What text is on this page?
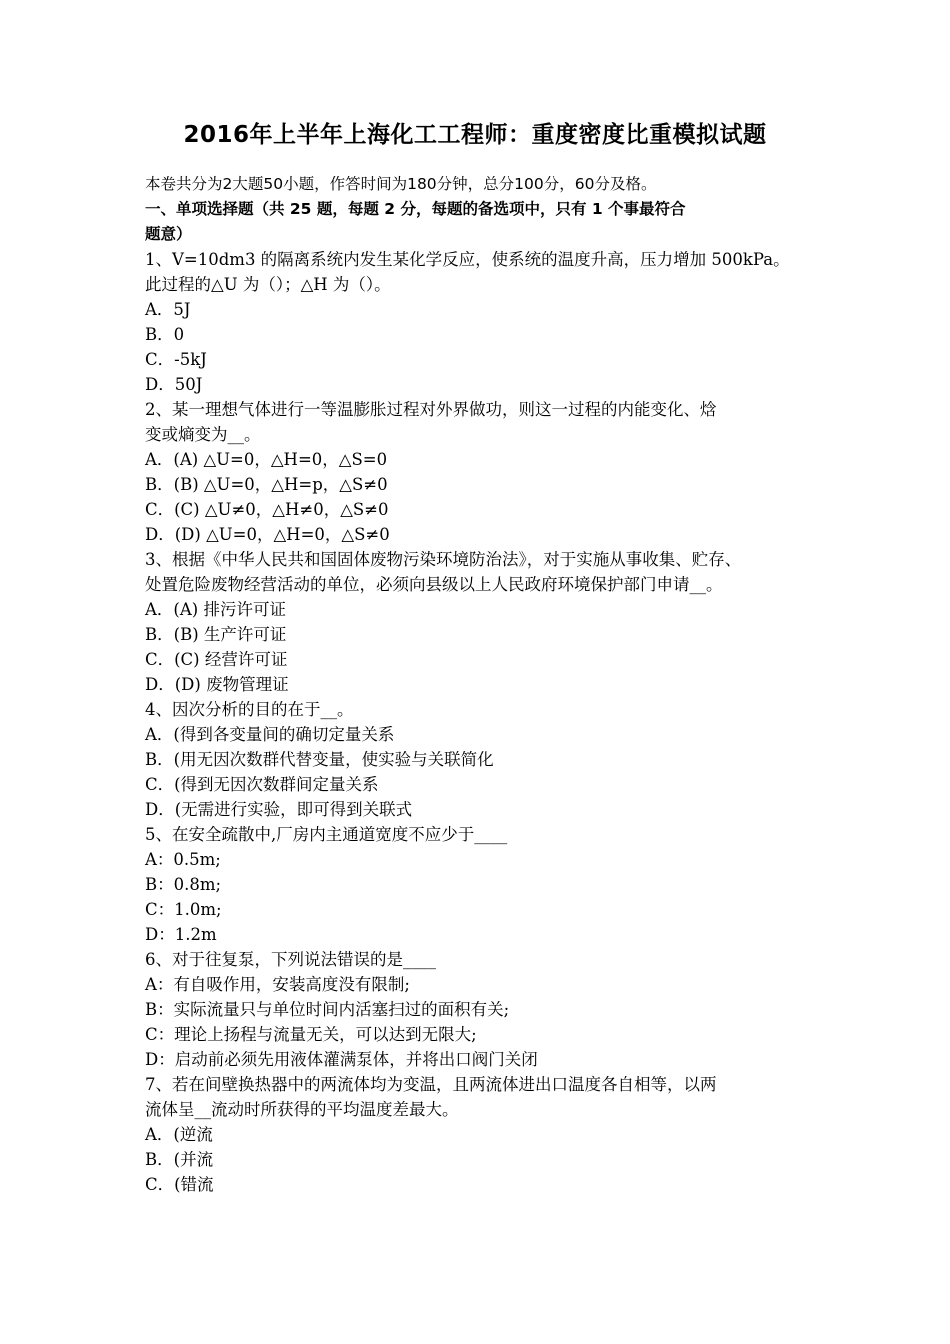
2016年上半年上海化工工程师：重度密度比重模拟试题
本卷共分为2大题50小题，作答时间为180分钟，总分100分，60分及格。
一、单项选择题（共 25 题，每题 2 分，每题的备选项中，只有 1 个事最符合
题意）
1、V=10dm3 的隔离系统内发生某化学反应，使系统的温度升高，压力增加 500kPa。
此过程的△U 为（）；△H 为（）。
A．5J
B．0
C．-5kJ
D．50J
2、某一理想气体进行一等温膨胀过程对外界做功，则这一过程的内能变化、焓
变或熵变为__。
A．(A) △U=0，△H=0，△S=0
B．(B) △U=0，△H=p，△S≠0
C．(C) △U≠0，△H≠0，△S≠0
D．(D) △U=0，△H=0，△S≠0
3、根据《中华人民共和国固体废物污染环境防治法》，对于实施从事收集、贮存、
处置危险废物经营活动的单位，必须向县级以上人民政府环境保护部门申请__。
A．(A) 排污许可证
B．(B) 生产许可证
C．(C) 经营许可证
D．(D) 废物管理证
4、因次分析的目的在于__。
A．(得到各变量间的确切定量关系
B．(用无因次数群代替变量，使实验与关联简化
C．(得到无因次数群间定量关系
D．(无需进行实验，即可得到关联式
5、在安全疏散中,厂房内主通道宽度不应少于____
A：0.5m;
B：0.8m;
C：1.0m;
D：1.2m
6、对于往复泵，下列说法错误的是____
A：有自吸作用，安装高度没有限制;
B：实际流量只与单位时间内活塞扫过的面积有关;
C：理论上扬程与流量无关，可以达到无限大;
D：启动前必须先用液体灌满泵体，并将出口阀门关闭
7、若在间壁换热器中的两流体均为变温，且两流体进出口温度各自相等，以两
流体呈__流动时所获得的平均温度差最大。
A．(逆流
B．(并流
C．(错流
